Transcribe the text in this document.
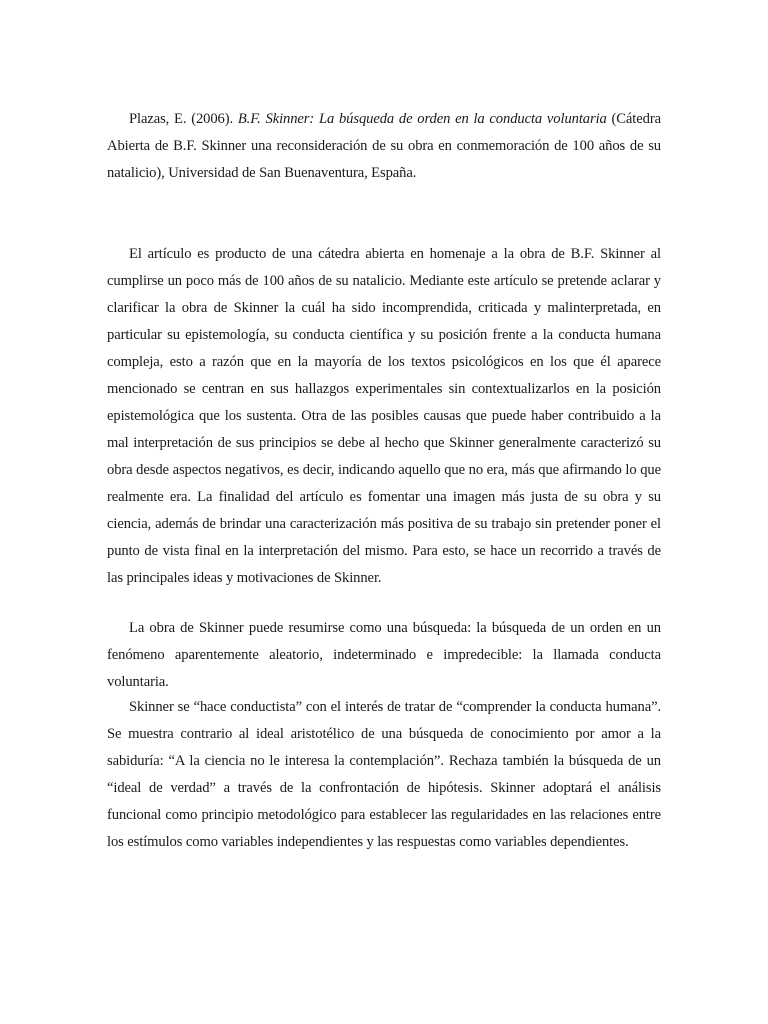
Plazas, E. (2006). B.F. Skinner: La búsqueda de orden en la conducta voluntaria (Cátedra Abierta de B.F. Skinner una reconsideración de su obra en conmemoración de 100 años de su natalicio), Universidad de San Buenaventura, España.

El artículo es producto de una cátedra abierta en homenaje a la obra de B.F. Skinner al cumplirse un poco más de 100 años de su natalicio. Mediante este artículo se pretende aclarar y clarificar la obra de Skinner la cuál ha sido incomprendida, criticada y malinterpretada, en particular su epistemología, su conducta científica y su posición frente a la conducta humana compleja, esto a razón que en la mayoría de los textos psicológicos en los que él aparece mencionado se centran en sus hallazgos experimentales sin contextualizarlos en la posición epistemológica que los sustenta. Otra de las posibles causas que puede haber contribuido a la mal interpretación de sus principios se debe al hecho que Skinner generalmente caracterizó su obra desde aspectos negativos, es decir, indicando aquello que no era, más que afirmando lo que realmente era. La finalidad del artículo es fomentar una imagen más justa de su obra y su ciencia, además de brindar una caracterización más positiva de su trabajo sin pretender poner el punto de vista final en la interpretación del mismo. Para esto, se hace un recorrido a través de las principales ideas y motivaciones de Skinner.

La obra de Skinner puede resumirse como una búsqueda: la búsqueda de un orden en un fenómeno aparentemente aleatorio, indeterminado e impredecible: la llamada conducta voluntaria.

Skinner se “hace conductista” con el interés de tratar de “comprender la conducta humana”. Se muestra contrario al ideal aristotélico de una búsqueda de conocimiento por amor a la sabiduría: “A la ciencia no le interesa la contemplación”. Rechaza también la búsqueda de un “ideal de verdad” a través de la confrontación de hipótesis. Skinner adoptará el análisis funcional como principio metodológico para establecer las regularidades en las relaciones entre los estímulos como variables independientes y las respuestas como variables dependientes.
